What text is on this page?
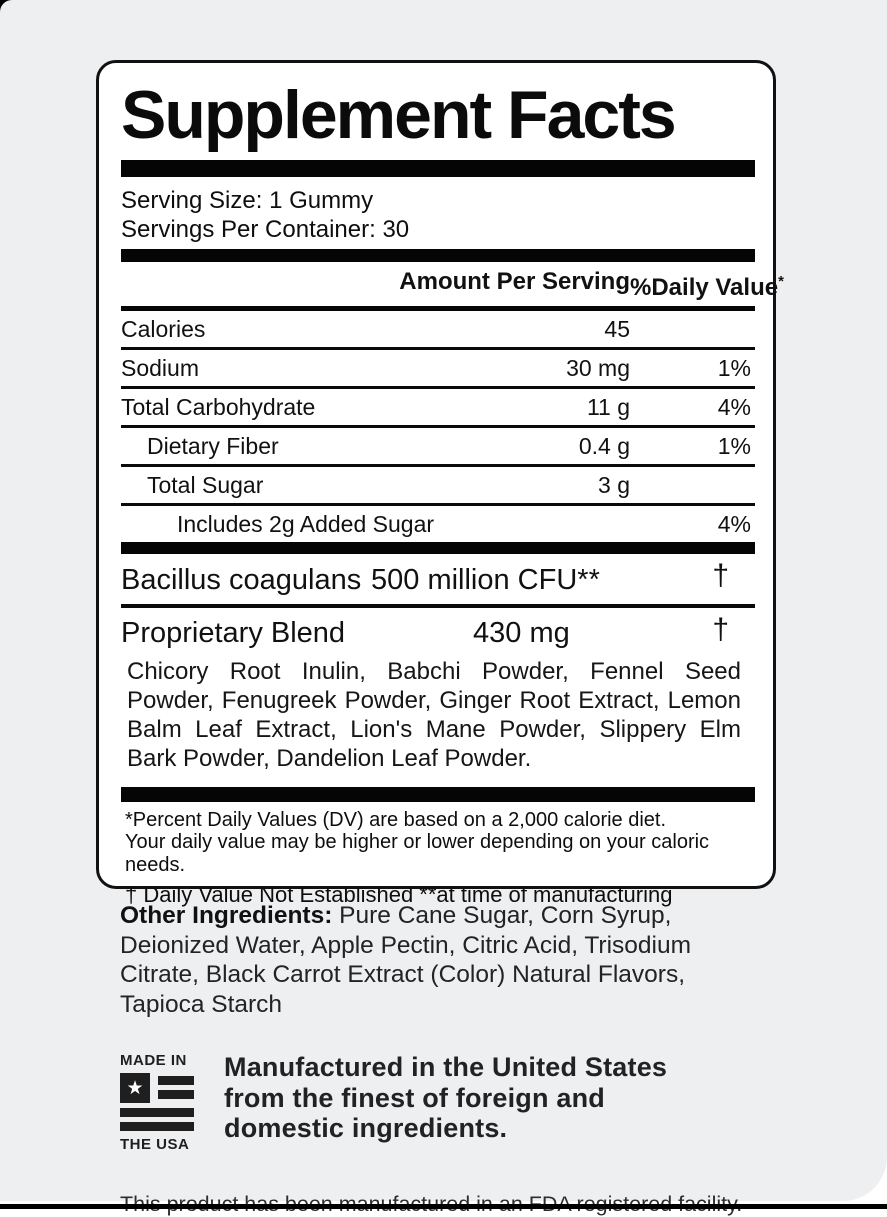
Supplement Facts
Serving Size: 1 Gummy
Servings Per Container: 30
Amount Per Serving %Daily Value*
Calories	45
Sodium	30 mg	1%
Total Carbohydrate	11 g	4%
Dietary Fiber	0.4 g	1%
Total Sugar	3 g
Includes 2g Added Sugar	4%
Bacillus coagulans 500 million CFU**	†
Proprietary Blend	430 mg	†
Chicory Root Inulin, Babchi Powder, Fennel Seed Powder, Fenugreek Powder, Ginger Root Extract, Lemon Balm Leaf Extract, Lion's Mane Powder, Slippery Elm Bark Powder, Dandelion Leaf Powder.
*Percent Daily Values (DV) are based on a 2,000 calorie diet.
Your daily value may be higher or lower depending on your caloric needs.
† Daily Value Not Established **at time of manufacturing
Other Ingredients: Pure Cane Sugar, Corn Syrup, Deionized Water, Apple Pectin, Citric Acid, Trisodium Citrate, Black Carrot Extract (Color) Natural Flavors, Tapioca Starch
MADE IN
★
THE USA
Manufactured in the United States from the finest of foreign and domestic ingredients.
